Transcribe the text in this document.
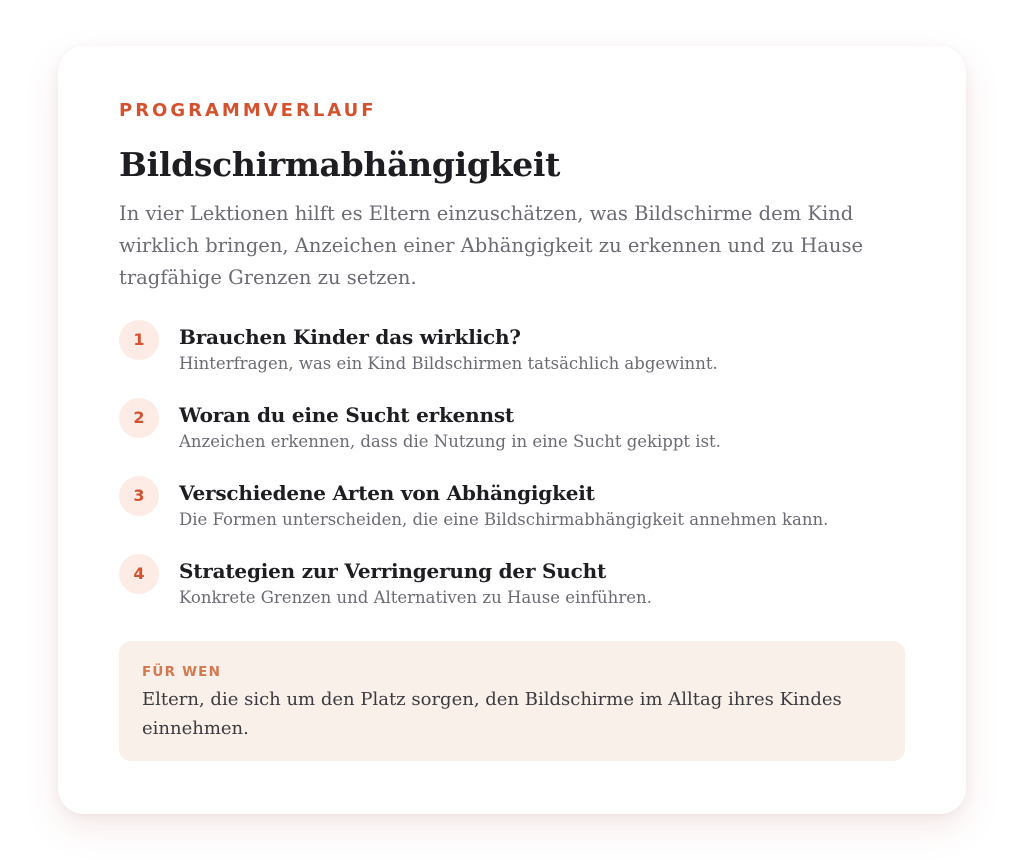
PROGRAMMVERLAUF
Bildschirmabhängigkeit

In vier Lektionen hilft es Eltern einzuschätzen, was Bildschirme dem Kind wirklich bringen, Anzeichen einer Abhängigkeit zu erkennen und zu Hause tragfähige Grenzen zu setzen.

1	Brauchen Kinder das wirklich?
Hinterfragen, was ein Kind Bildschirmen tatsächlich abgewinnt.
2	Woran du eine Sucht erkennst
Anzeichen erkennen, dass die Nutzung in eine Sucht gekippt ist.
3	Verschiedene Arten von Abhängigkeit
Die Formen unterscheiden, die eine Bildschirmabhängigkeit annehmen kann.
4	Strategien zur Verringerung der Sucht
Konkrete Grenzen und Alternativen zu Hause einführen.
FÜR WEN
Eltern, die sich um den Platz sorgen, den Bildschirme im Alltag ihres Kindes einnehmen.
